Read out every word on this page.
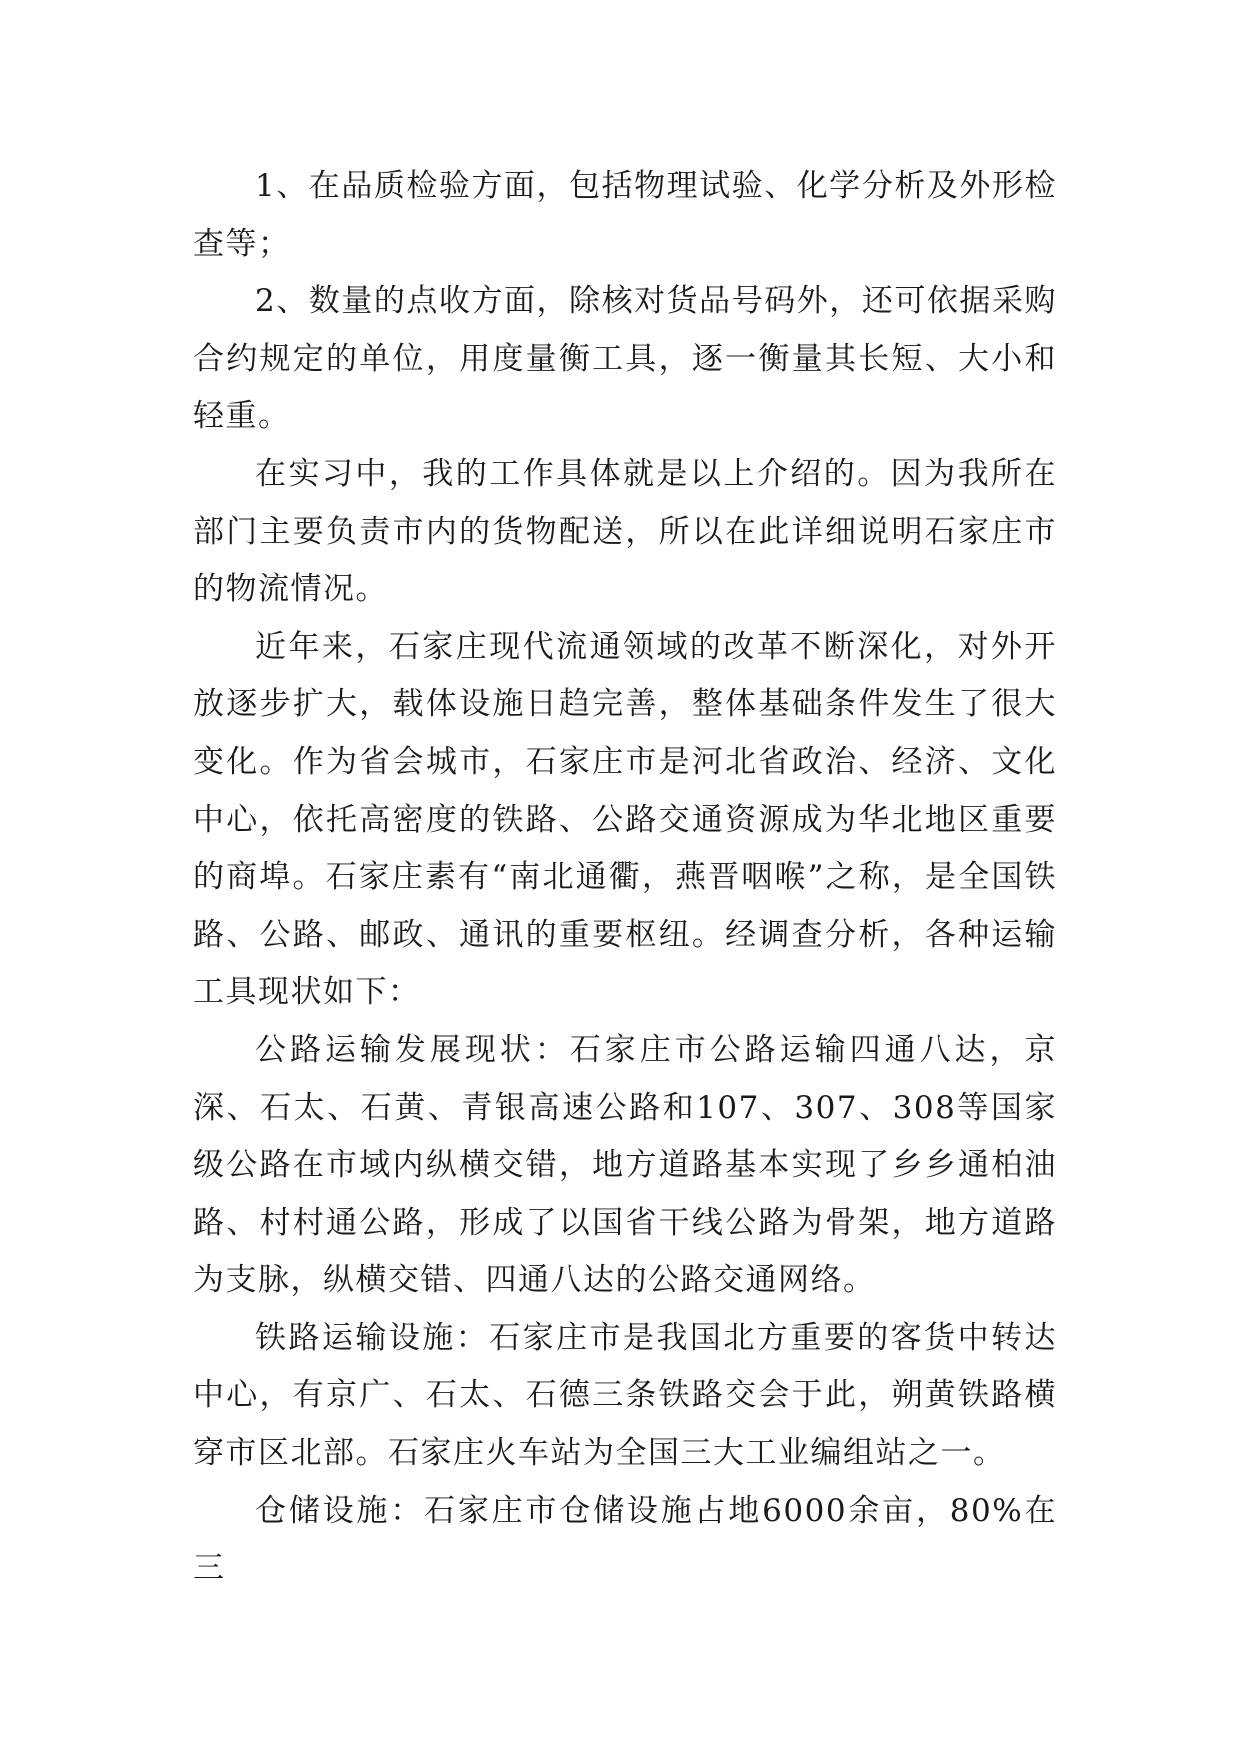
1、在品质检验方面，包括物理试验、化学分析及外形检查等；

2、数量的点收方面，除核对货品号码外，还可依据采购合约规定的单位，用度量衡工具，逐一衡量其长短、大小和轻重。

在实习中，我的工作具体就是以上介绍的。因为我所在部门主要负责市内的货物配送，所以在此详细说明石家庄市的物流情况。

近年来，石家庄现代流通领域的改革不断深化，对外开放逐步扩大，载体设施日趋完善，整体基础条件发生了很大变化。作为省会城市，石家庄市是河北省政治、经济、文化中心，依托高密度的铁路、公路交通资源成为华北地区重要的商埠。石家庄素有“南北通衢，燕晋咽喉”之称，是全国铁路、公路、邮政、通讯的重要枢纽。经调查分析，各种运输工具现状如下：

公路运输发展现状：石家庄市公路运输四通八达，京深、石太、石黄、青银高速公路和107、307、308等国家级公路在市域内纵横交错，地方道路基本实现了乡乡通柏油路、村村通公路，形成了以国省干线公路为骨架，地方道路为支脉，纵横交错、四通八达的公路交通网络。

铁路运输设施：石家庄市是我国北方重要的客货中转达中心，有京广、石太、石德三条铁路交会于此，朔黄铁路横穿市区北部。石家庄火车站为全国三大工业编组站之一。

仓储设施：石家庄市仓储设施占地6000余亩，80%在三
